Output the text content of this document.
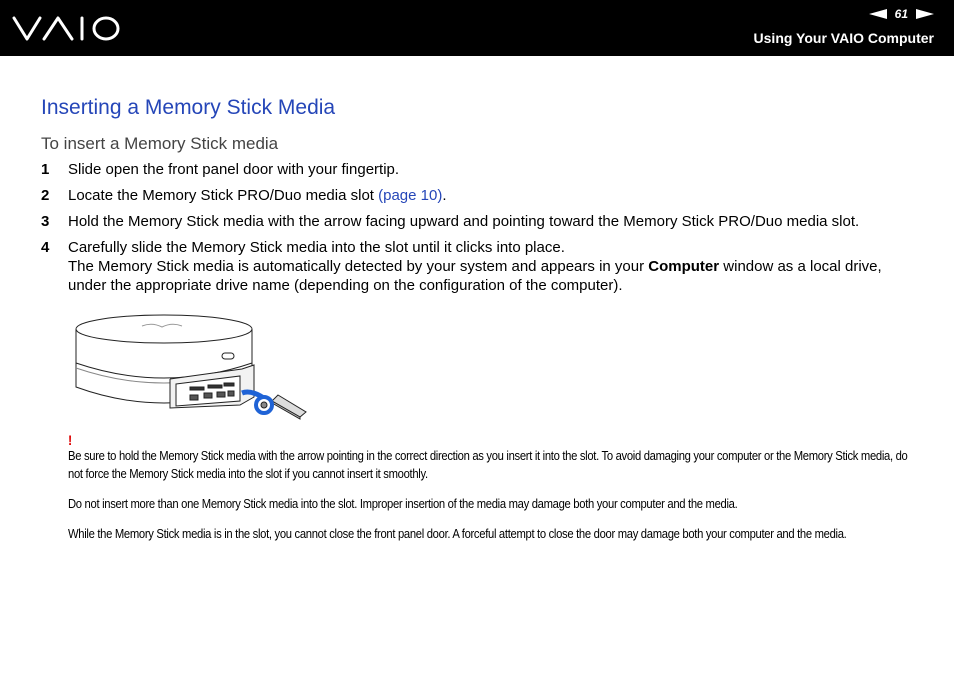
61
Using Your VAIO Computer
Inserting a Memory Stick Media
To insert a Memory Stick media
1 Slide open the front panel door with your fingertip.
2 Locate the Memory Stick PRO/Duo media slot (page 10).
3 Hold the Memory Stick media with the arrow facing upward and pointing toward the Memory Stick PRO/Duo media slot.
4 Carefully slide the Memory Stick media into the slot until it clicks into place.
The Memory Stick media is automatically detected by your system and appears in your Computer window as a local drive, under the appropriate drive name (depending on the configuration of the computer).
!

Be sure to hold the Memory Stick media with the arrow pointing in the correct direction as you insert it into the slot. To avoid damaging your computer or the Memory Stick media, do not force the Memory Stick media into the slot if you cannot insert it smoothly.

Do not insert more than one Memory Stick media into the slot. Improper insertion of the media may damage both your computer and the media.

While the Memory Stick media is in the slot, you cannot close the front panel door. A forceful attempt to close the door may damage both your computer and the media.
